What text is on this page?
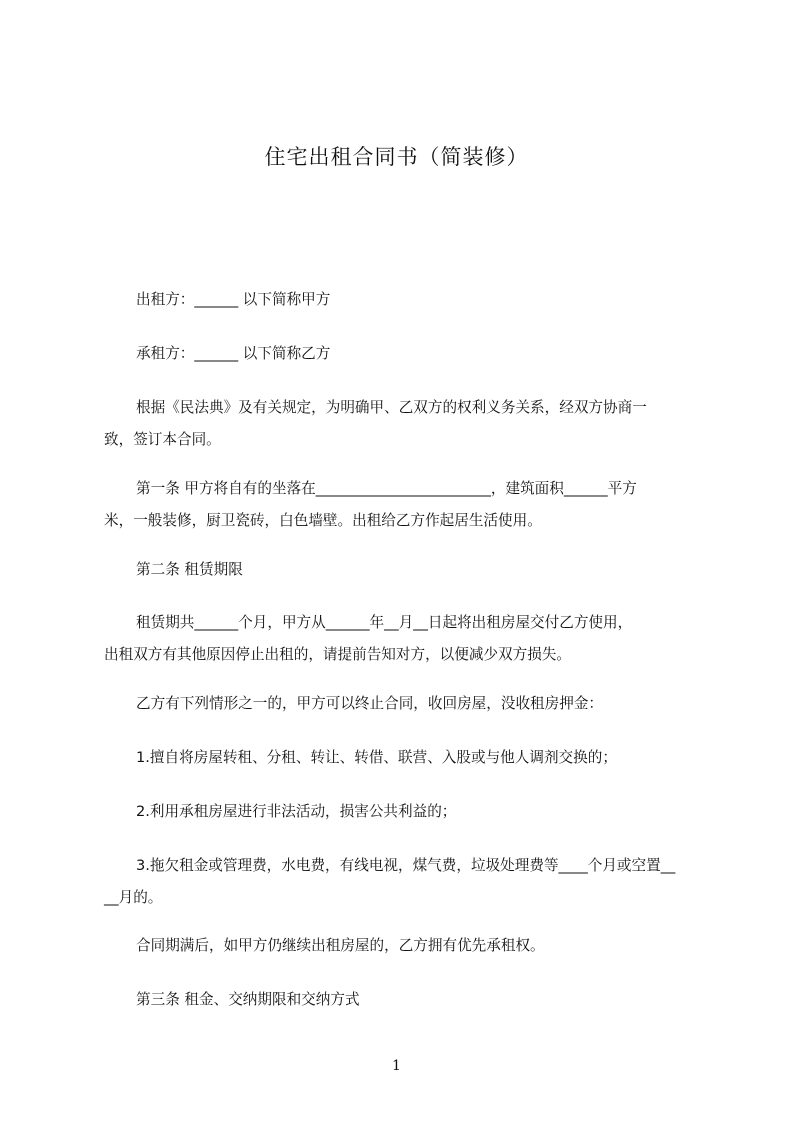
住宅出租合同书（简装修）
出租方：______ 以下简称甲方
承租方：______ 以下简称乙方
根据《民法典》及有关规定，为明确甲、乙双方的权利义务关系，经双方协商一
致，签订本合同。
第一条 甲方将自有的坐落在________________________，建筑面积______平方
米，一般装修，厨卫瓷砖，白色墙壁。出租给乙方作起居生活使用。
第二条 租赁期限
租赁期共______个月，甲方从______年__月__日起将出租房屋交付乙方使用，
出租双方有其他原因停止出租的，请提前告知对方，以便减少双方损失。
乙方有下列情形之一的，甲方可以终止合同，收回房屋，没收租房押金：
1.擅自将房屋转租、分租、转让、转借、联营、入股或与他人调剂交换的；
2.利用承租房屋进行非法活动，损害公共利益的；
3.拖欠租金或管理费，水电费，有线电视，煤气费，垃圾处理费等____个月或空置__
__月的。
合同期满后，如甲方仍继续出租房屋的，乙方拥有优先承租权。
第三条 租金、交纳期限和交纳方式
1
